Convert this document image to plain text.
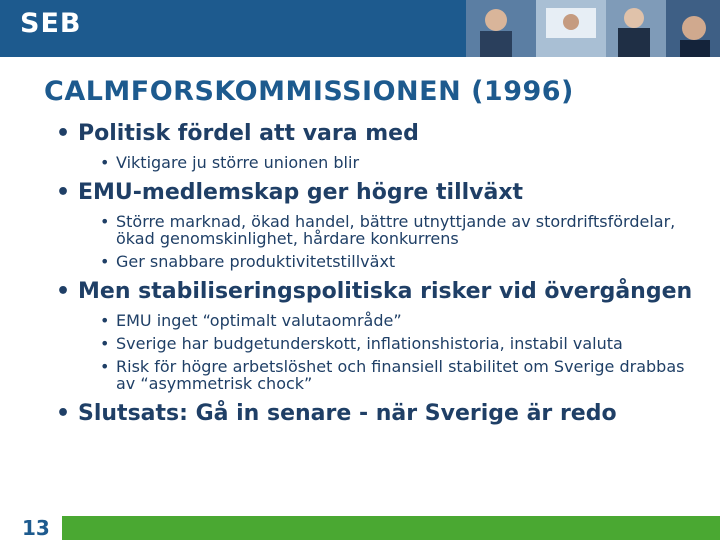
SEB
CALMFORSKOMMISSIONEN (1996)
• Politisk fördel att vara med
• Viktigare ju större unionen blir
• EMU-medlemskap ger högre tillväxt
• Större marknad, ökad handel, bättre utnyttjande av stordriftsfördelar, ökad genomskinlighet, hårdare konkurrens
• Ger snabbare produktivitetstillväxt
• Men stabiliseringspolitiska risker vid övergången
• EMU inget “optimalt valutaområde”
• Sverige har budgetunderskott, inflationshistoria, instabil valuta
• Risk för högre arbetslöshet och finansiell stabilitet om Sverige drabbas av “asymmetrisk chock”
• Slutsats: Gå in senare - när Sverige är redo
13
